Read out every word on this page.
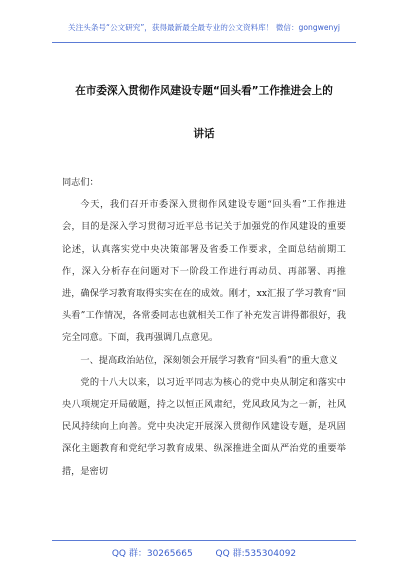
关注头条号“公文研究”，获得最新最全最专业的公文资料库！ 微信：gongwenyj
在市委深入贯彻作风建设专题“回头看”工作推进会上的
讲话

同志们：

今天，我们召开市委深入贯彻作风建设专题“回头看”工作推进会，目的是深入学习贯彻习近平总书记关于加强党的作风建设的重要论述，认真落实党中央决策部署及省委工作要求，全面总结前期工作，深入分析存在问题对下一阶段工作进行再动员、再部署、再推进，确保学习教育取得实实在在的成效。刚才，xx汇报了学习教育“回头看”工作情况，各常委同志也就相关工作了补充发言讲得都很好，我完全同意。下面，我再强调几点意见。

一、提高政治站位，深刻领会开展学习教育“回头看”的重大意义

党的十八大以来，以习近平同志为核心的党中央从制定和落实中央八项规定开局破题，持之以恒正风肃纪，党风政风为之一新，社风民风持续向上向善。党中央决定开展深入贯彻作风建设专题，是巩固深化主题教育和党纪学习教育成果、纵深推进全面从严治党的重要举措，是密切

QQ 群：30265665	QQ 群:535304092
